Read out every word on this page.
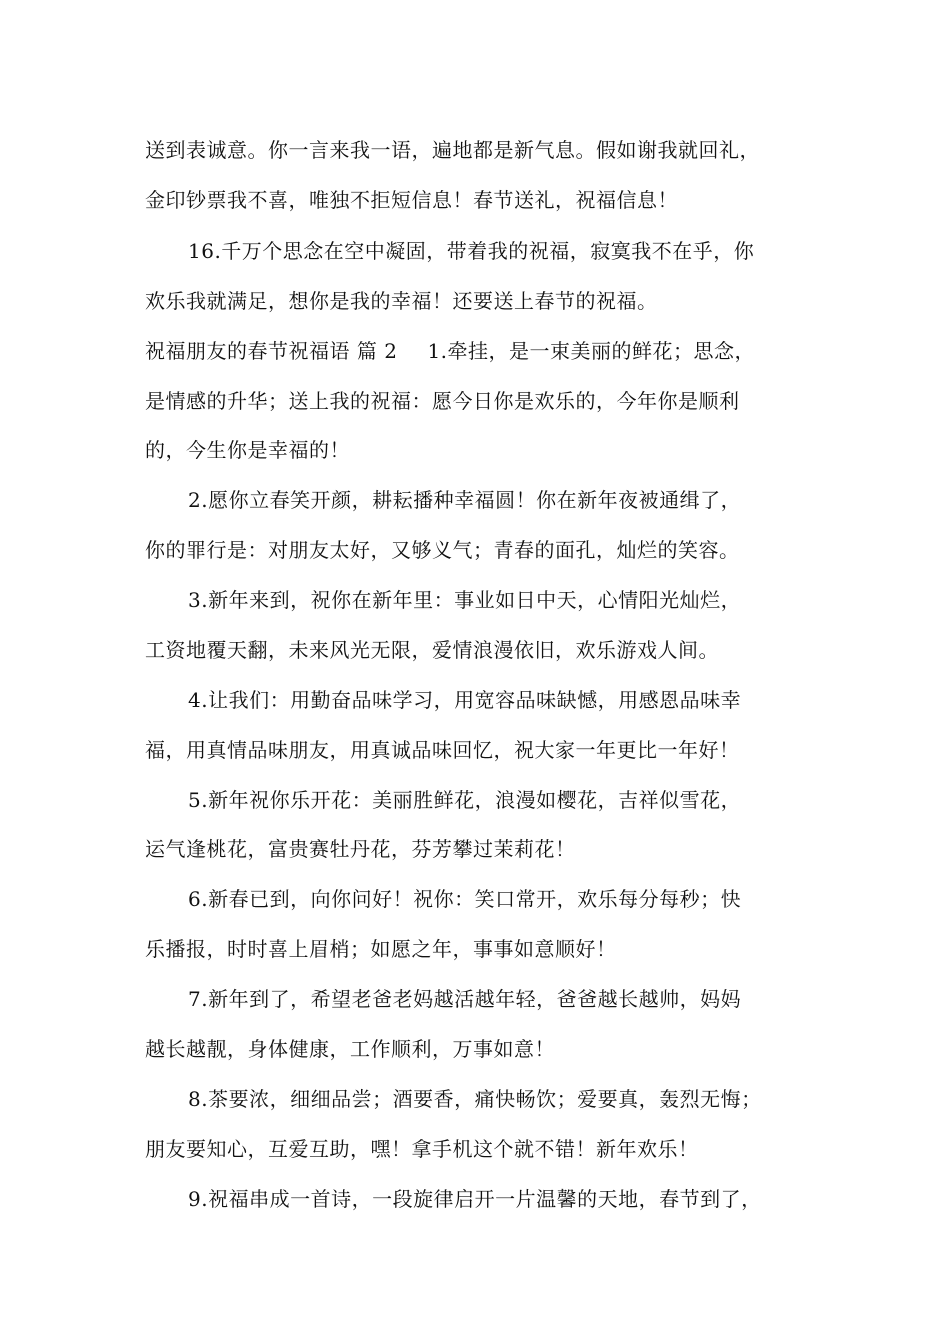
送到表诚意。你一言来我一语，遍地都是新气息。假如谢我就回礼，
金印钞票我不喜，唯独不拒短信息！春节送礼，祝福信息！
16.千万个思念在空中凝固，带着我的祝福，寂寞我不在乎，你
欢乐我就满足，想你是我的幸福！还要送上春节的祝福。
祝福朋友的春节祝福语 篇 2 1.牵挂，是一束美丽的鲜花；思念，
是情感的升华；送上我的祝福：愿今日你是欢乐的，今年你是顺利
的，今生你是幸福的！
2.愿你立春笑开颜，耕耘播种幸福圆！你在新年夜被通缉了，
你的罪行是：对朋友太好，又够义气；青春的面孔，灿烂的笑容。
3.新年来到，祝你在新年里：事业如日中天，心情阳光灿烂，
工资地覆天翻，未来风光无限，爱情浪漫依旧，欢乐游戏人间。
4.让我们：用勤奋品味学习，用宽容品味缺憾，用感恩品味幸
福，用真情品味朋友，用真诚品味回忆，祝大家一年更比一年好！
5.新年祝你乐开花：美丽胜鲜花，浪漫如樱花，吉祥似雪花，
运气逢桃花，富贵赛牡丹花，芬芳攀过茉莉花！
6.新春已到，向你问好！祝你：笑口常开，欢乐每分每秒；快
乐播报，时时喜上眉梢；如愿之年，事事如意顺好！
7.新年到了，希望老爸老妈越活越年轻，爸爸越长越帅，妈妈
越长越靓，身体健康，工作顺利，万事如意！
8.茶要浓，细细品尝；酒要香，痛快畅饮；爱要真，轰烈无悔；
朋友要知心，互爱互助，嘿！拿手机这个就不错！新年欢乐！
9.祝福串成一首诗，一段旋律启开一片温馨的天地，春节到了，
